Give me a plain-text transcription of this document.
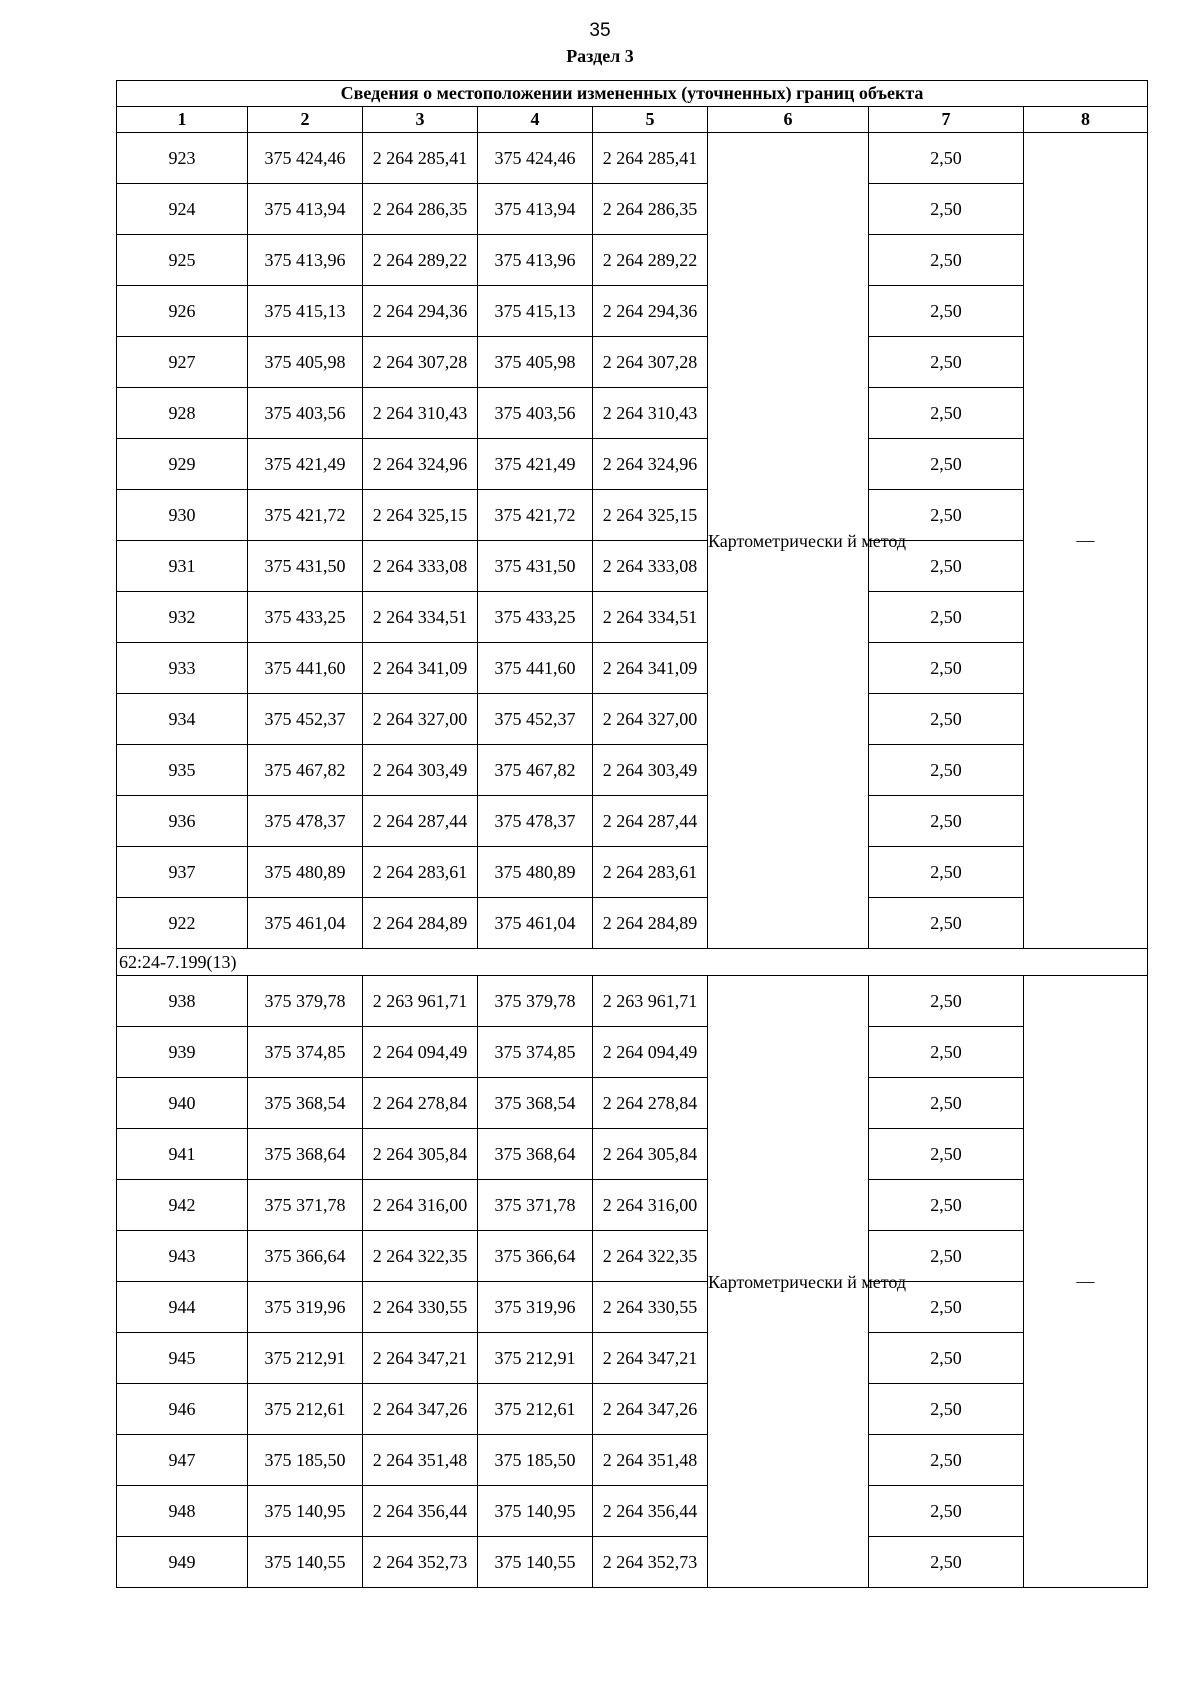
35
Раздел 3
Сведения о местоположении измененных (уточненных) границ объекта							
1	2	3	4	5	6	7	8
923	375 424,46	2 264 285,41	375 424,46	2 264 285,41	Картометрически й метод	2,50	—
924	375 413,94	2 264 286,35	375 413,94	2 264 286,35		2,50	
925	375 413,96	2 264 289,22	375 413,96	2 264 289,22		2,50	
926	375 415,13	2 264 294,36	375 415,13	2 264 294,36		2,50	
927	375 405,98	2 264 307,28	375 405,98	2 264 307,28		2,50	
928	375 403,56	2 264 310,43	375 403,56	2 264 310,43		2,50	
929	375 421,49	2 264 324,96	375 421,49	2 264 324,96		2,50	
930	375 421,72	2 264 325,15	375 421,72	2 264 325,15		2,50	
931	375 431,50	2 264 333,08	375 431,50	2 264 333,08		2,50	
932	375 433,25	2 264 334,51	375 433,25	2 264 334,51		2,50	
933	375 441,60	2 264 341,09	375 441,60	2 264 341,09		2,50	
934	375 452,37	2 264 327,00	375 452,37	2 264 327,00		2,50	
935	375 467,82	2 264 303,49	375 467,82	2 264 303,49		2,50	
936	375 478,37	2 264 287,44	375 478,37	2 264 287,44		2,50	
937	375 480,89	2 264 283,61	375 480,89	2 264 283,61		2,50	
922	375 461,04	2 264 284,89	375 461,04	2 264 284,89		2,50	
62:24-7.199(13)							
938	375 379,78	2 263 961,71	375 379,78	2 263 961,71	Картометрически й метод	2,50	—
939	375 374,85	2 264 094,49	375 374,85	2 264 094,49		2,50	
940	375 368,54	2 264 278,84	375 368,54	2 264 278,84		2,50	
941	375 368,64	2 264 305,84	375 368,64	2 264 305,84		2,50	
942	375 371,78	2 264 316,00	375 371,78	2 264 316,00		2,50	
943	375 366,64	2 264 322,35	375 366,64	2 264 322,35		2,50	
944	375 319,96	2 264 330,55	375 319,96	2 264 330,55		2,50	
945	375 212,91	2 264 347,21	375 212,91	2 264 347,21		2,50	
946	375 212,61	2 264 347,26	375 212,61	2 264 347,26		2,50	
947	375 185,50	2 264 351,48	375 185,50	2 264 351,48		2,50	
948	375 140,95	2 264 356,44	375 140,95	2 264 356,44		2,50	
949	375 140,55	2 264 352,73	375 140,55	2 264 352,73		2,50	
